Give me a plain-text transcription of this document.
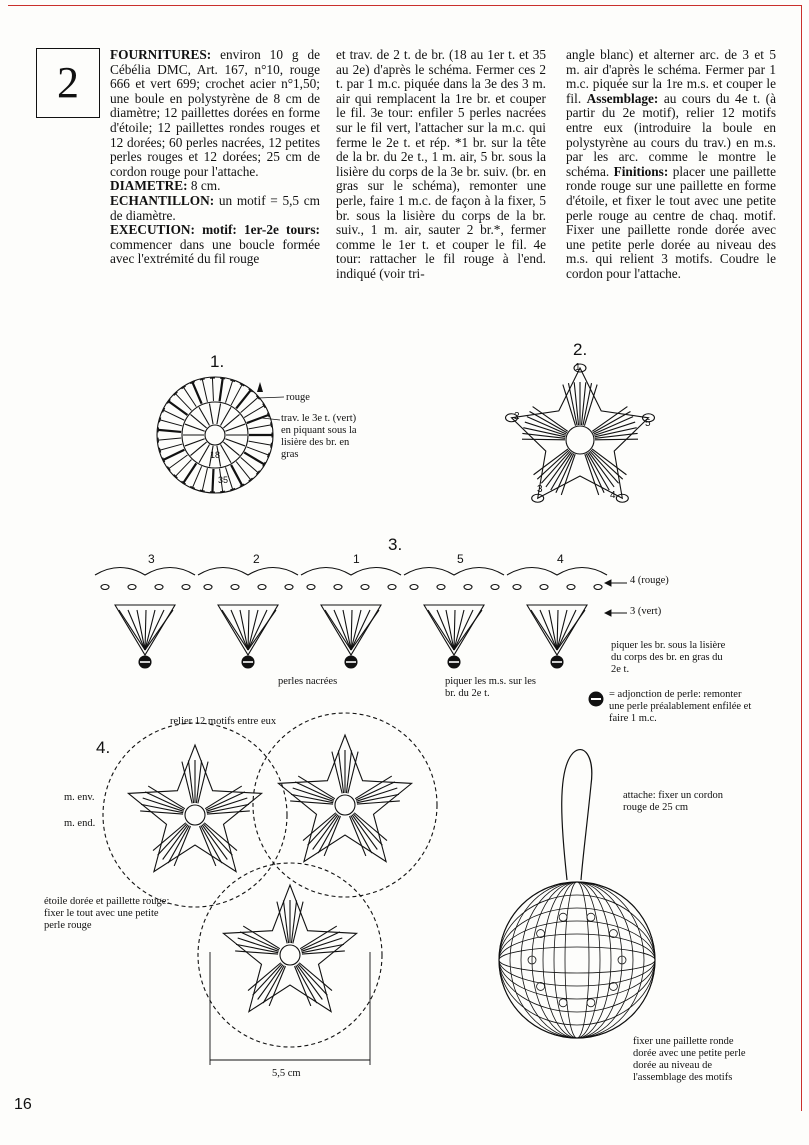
2

FOURNITURES: environ 10 g de Cébélia DMC, Art. 167, n°10, rouge 666 et vert 699; crochet acier n°1,50; une boule en polystyrène de 8 cm de diamètre; 12 paillettes dorées en forme d'étoile; 12 paillettes rondes rouges et 12 dorées; 60 perles nacrées, 12 petites perles rouges et 12 dorées; 25 cm de cordon rouge pour l'attache.

DIAMETRE: 8 cm.

ECHANTILLON: un motif = 5,5 cm de diamètre.

EXECUTION: motif: 1er-2e tours: commencer dans une boucle formée avec l'extrémité du fil rouge

et trav. de 2 t. de br. (18 au 1er t. et 35 au 2e) d'après le schéma. Fermer ces 2 t. par 1 m.c. piquée dans la 3e des 3 m. air qui remplacent la 1re br. et couper le fil. 3e tour: enfiler 5 perles nacrées sur le fil vert, l'attacher sur la m.c. qui ferme le 2e t. et rép. *1 br. sur la tête de la br. du 2e t., 1 m. air, 5 br. sous la lisière du corps de la 3e br. suiv. (br. en gras sur le schéma), remonter une perle, faire 1 m.c. de façon à la fixer, 5 br. sous la lisière du corps de la br. suiv., 1 m. air, sauter 2 br.*, fermer comme le 1er t. et couper le fil. 4e tour: rattacher le fil rouge à l'end. indiqué (voir tri-

angle blanc) et alterner arc. de 3 et 5 m. air d'après le schéma. Fermer par 1 m.c. piquée sur la 1re m.s. et couper le fil. Assemblage: au cours du 4e t. (à partir du 2e motif), relier 12 motifs entre eux (introduire la boule en polystyrène au cours du trav.) en m.s. par les arc. comme le montre le schéma. Finitions: placer une paillette ronde rouge sur une paillette en forme d'étoile, et fixer le tout avec une petite perle rouge au centre de chaq. motif. Fixer une paillette ronde dorée avec une petite perle dorée au niveau des m.s. qui relient 3 motifs. Coudre le cordon pour l'attache.

1.
18
35
rouge
trav. le 3e t. (vert) en piquant sous la lisière des br. en gras
2.
1
2
3
4
5
3.
3	2	1	5	4
4 (rouge)
3 (vert)
piquer les br. sous la lisière du corps des br. en gras du 2e t.
perles nacrées	piquer les m.s. sur les br. du 2e t.	= adjonction de perle: remonter une perle préalablement enfilée et faire 1 m.c.
4.
relier 12 motifs entre eux
m. env.
m. end.
étoile dorée et paillette rouge: fixer le tout avec une petite perle rouge
5,5 cm
attache: fixer un cordon rouge de 25 cm
fixer une paillette ronde dorée avec une petite perle dorée au niveau de l'assemblage des motifs
16
